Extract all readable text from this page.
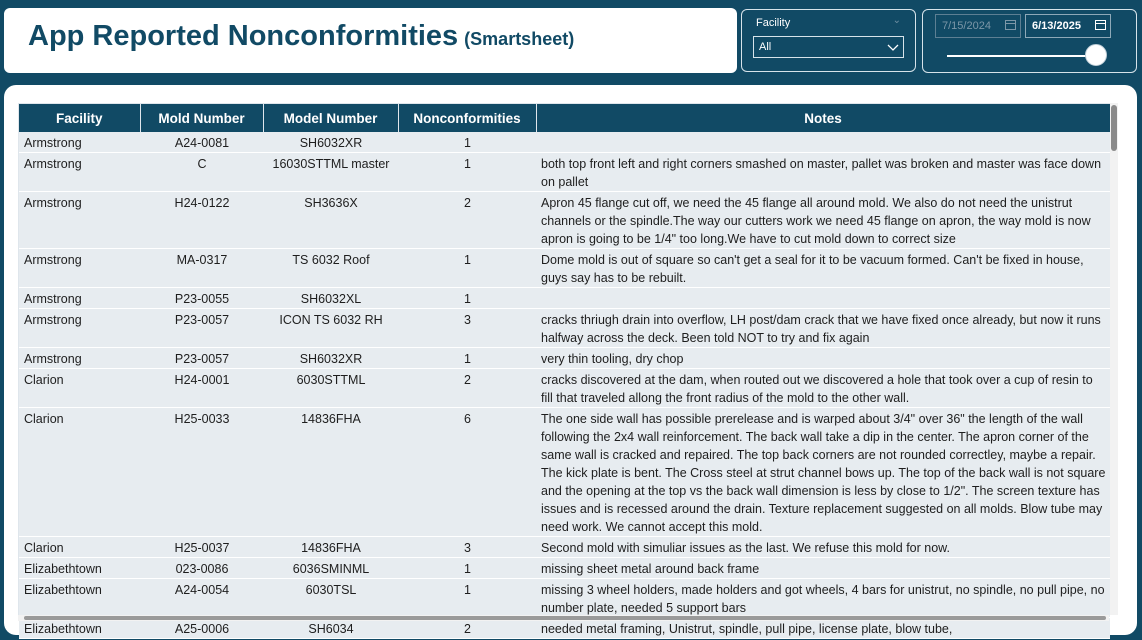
App Reported Nonconformities (Smartsheet)
Facility	⌄
All
7/15/2024	6/13/2025
Facility	Mold Number	Model Number	Nonconformities	Notes
Armstrong	A24-0081	SH6032XR	1	
Armstrong	C	16030STTML master	1	both top front left and right corners smashed on master, pallet was broken and master was face down on pallet
Armstrong	H24-0122	SH3636X	2	Apron 45 flange cut off, we need the 45 flange all around mold. We also do not need the unistrut channels or the spindle.The way our cutters work we need 45 flange on apron, the way mold is now apron is going to be 1/4" too long.We have to cut mold down to correct size
Armstrong	MA-0317	TS 6032 Roof	1	Dome mold is out of square so can't get a seal for it to be vacuum formed. Can't be fixed in house, guys say has to be rebuilt.
Armstrong	P23-0055	SH6032XL	1	
Armstrong	P23-0057	ICON TS 6032 RH	3	cracks thriugh drain into overflow, LH post/dam crack that we have fixed once already, but now it runs halfway across the deck. Been told NOT to try and fix again
Armstrong	P23-0057	SH6032XR	1	very thin tooling, dry chop
Clarion	H24-0001	6030STTML	2	cracks discovered at the dam, when routed out we discovered a hole that took over a cup of resin to fill that traveled allong the front radius of the mold to the other wall.
Clarion	H25-0033	14836FHA	6	The one side wall has possible prerelease and is warped about 3/4" over 36" the length of the wall following the 2x4 wall reinforcement. The back wall take a dip in the center. The apron corner of the same wall is cracked and repaired. The top back corners are not rounded correctley, maybe a repair. The kick plate is bent. The Cross steel at strut channel bows up. The top of the back wall is not square and the opening at the top vs the back wall dimension is less by close to 1/2". The screen texture has issues and is recessed around the drain. Texture replacement suggested on all molds. Blow tube may need work. We cannot accept this mold.
Clarion	H25-0037	14836FHA	3	Second mold with simuliar issues as the last. We refuse this mold for now.
Elizabethtown	023-0086	6036SMINML	1	missing sheet metal around back frame
Elizabethtown	A24-0054	6030TSL	1	missing 3 wheel holders, made holders and got wheels, 4 bars for unistrut, no spindle, no pull pipe, no number plate, needed 5 support bars
Elizabethtown	A25-0006	SH6034	2	needed metal framing, Unistrut, spindle, pull pipe, license plate, blow tube,
